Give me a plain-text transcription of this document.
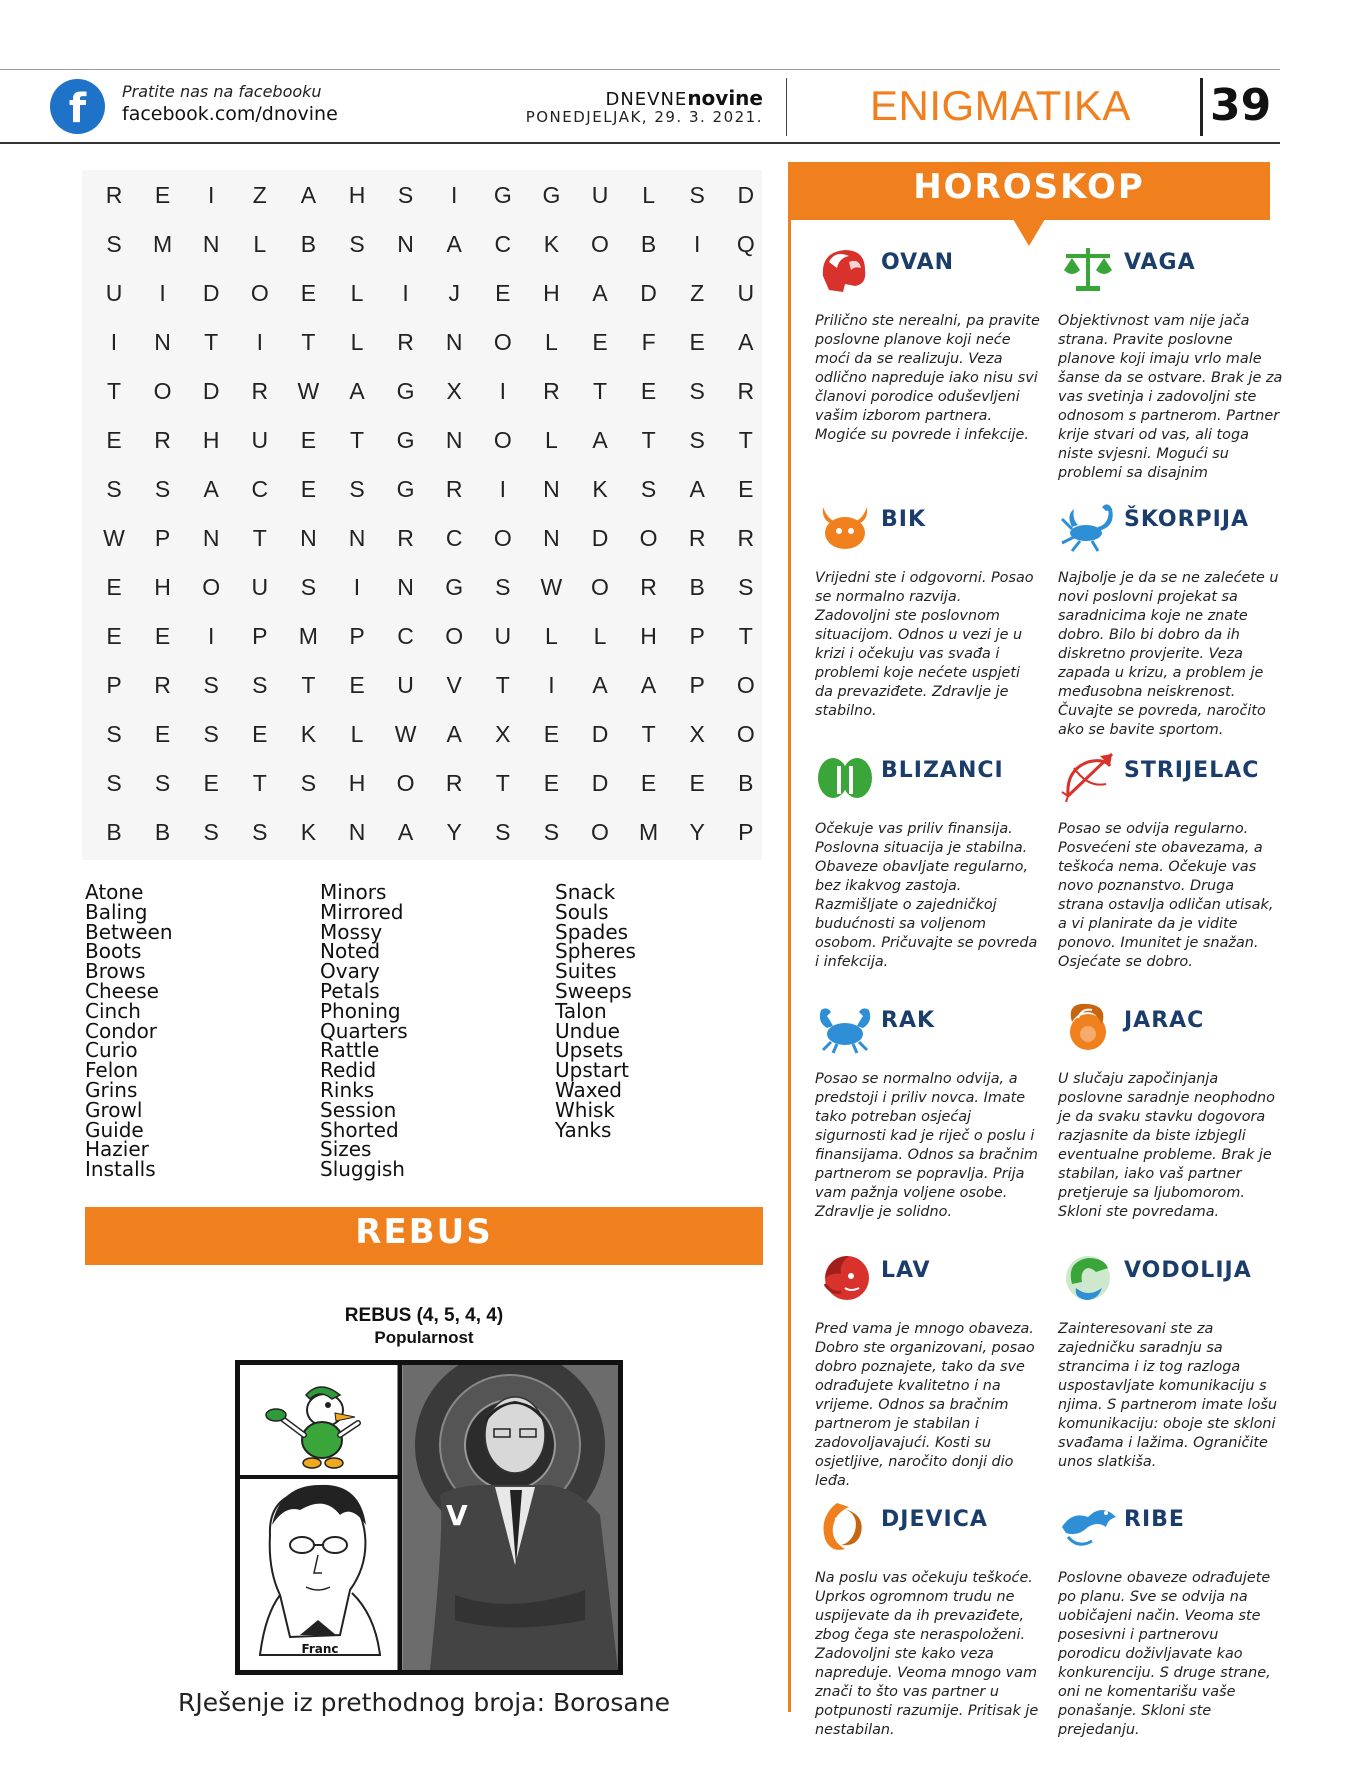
f	Pratite nas na facebooku
facebook.com/dnovine
DNEVNEnovine
PONEDJELJAK, 29. 3. 2021.	ENIGMATIKA 39
R	E	I	Z	A	H	S	I	G	G	U	L	S	D
S	M	N	L	B	S	N	A	C	K	O	B	I	Q
U	I	D	O	E	L	I	J	E	H	A	D	Z	U
I	N	T	I	T	L	R	N	O	L	E	F	E	A
T	O	D	R	W	A	G	X	I	R	T	E	S	R
E	R	H	U	E	T	G	N	O	L	A	T	S	T
S	S	A	C	E	S	G	R	I	N	K	S	A	E
W	P	N	T	N	N	R	C	O	N	D	O	R	R
E	H	O	U	S	I	N	G	S	W	O	R	B	S
E	E	I	P	M	P	C	O	U	L	L	H	P	T
P	R	S	S	T	E	U	V	T	I	A	A	P	O
S	E	S	E	K	L	W	A	X	E	D	T	X	O
S	S	E	T	S	H	O	R	T	E	D	E	E	B
B	B	S	S	K	N	A	Y	S	S	O	M	Y	P
Atone
Baling
Between
Boots
Brows
Cheese
Cinch
Condor
Curio
Felon
Grins
Growl
Guide
Hazier
Installs
Minors
Mirrored
Mossy
Noted
Ovary
Petals
Phoning
Quarters
Rattle
Redid
Rinks
Session
Shorted
Sizes
Sluggish
Snack
Souls
Spades
Spheres
Suites
Sweeps
Talon
Undue
Upsets
Upstart
Waxed
Whisk
Yanks
REBUS
REBUS (4, 5, 4, 4)
Popularnost
Franc
V
RJešenje iz prethodnog broja: Borosane
HOROSKOP
OVAN
Prilično ste nerealni, pa pravite poslovne planove koji neće moći da se realizuju. Veza odlično napreduje iako nisu svi članovi porodice oduševljeni vašim izborom partnera. Mogiće su povrede i infekcije.
VAGA
Objektivnost vam nije jača strana. Pravite poslovne planove koji imaju vrlo male šanse da se ostvare. Brak je za vas svetinja i zadovoljni ste odnosom s partnerom. Partner krije stvari od vas, ali toga niste svjesni. Mogući su problemi sa disajnim
BIK
Vrijedni ste i odgovorni. Posao se normalno razvija. Zadovoljni ste poslovnom situacijom. Odnos u vezi je u krizi i očekuju vas svađa i problemi koje nećete uspjeti da prevaziđete. Zdravlje je stabilno.
ŠKORPIJA
Najbolje je da se ne zalećete u novi poslovni projekat sa saradnicima koje ne znate dobro. Bilo bi dobro da ih diskretno provjerite. Veza zapada u krizu, a problem je međusobna neiskrenost. Čuvajte se povreda, naročito ako se bavite sportom.
BLIZANCI
Očekuje vas priliv finansija. Poslovna situacija je stabilna. Obaveze obavljate regularno, bez ikakvog zastoja. Razmišljate o zajedničkoj budućnosti sa voljenom osobom. Pričuvajte se povreda i infekcija.
STRIJELAC
Posao se odvija regularno. Posvećeni ste obavezama, a teškoća nema. Očekuje vas novo poznanstvo. Druga strana ostavlja odličan utisak, a vi planirate da je vidite ponovo. Imunitet je snažan. Osjećate se dobro.
RAK
Posao se normalno odvija, a predstoji i priliv novca. Imate tako potreban osjećaj sigurnosti kad je riječ o poslu i finansijama. Odnos sa bračnim partnerom se popravlja. Prija vam pažnja voljene osobe. Zdravlje je solidno.
JARAC
U slučaju započinjanja poslovne saradnje neophodno je da svaku stavku dogovora razjasnite da biste izbjegli eventualne probleme. Brak je stabilan, iako vaš partner pretjeruje sa ljubomorom. Skloni ste povredama.
LAV
Pred vama je mnogo obaveza. Dobro ste organizovani, posao dobro poznajete, tako da sve odrađujete kvalitetno i na vrijeme. Odnos sa bračnim partnerom je stabilan i zadovoljavajući. Kosti su osjetljive, naročito donji dio leđa.
VODOLIJA
Zainteresovani ste za zajedničku saradnju sa strancima i iz tog razloga uspostavljate komunikaciju s njima. S partnerom imate lošu komunikaciju: oboje ste skloni svađama i lažima. Ograničite unos slatkiša.
DJEVICA
Na poslu vas očekuju teškoće. Uprkos ogromnom trudu ne uspijevate da ih prevaziđete, zbog čega ste neraspoloženi. Zadovoljni ste kako veza napreduje. Veoma mnogo vam znači to što vas partner u potpunosti razumije. Pritisak je nestabilan.
RIBE
Poslovne obaveze odrađujete po planu. Sve se odvija na uobičajeni način. Veoma ste posesivni i partnerovu porodicu doživljavate kao konkurenciju. S druge strane, oni ne komentarišu vaše ponašanje. Skloni ste prejedanju.
